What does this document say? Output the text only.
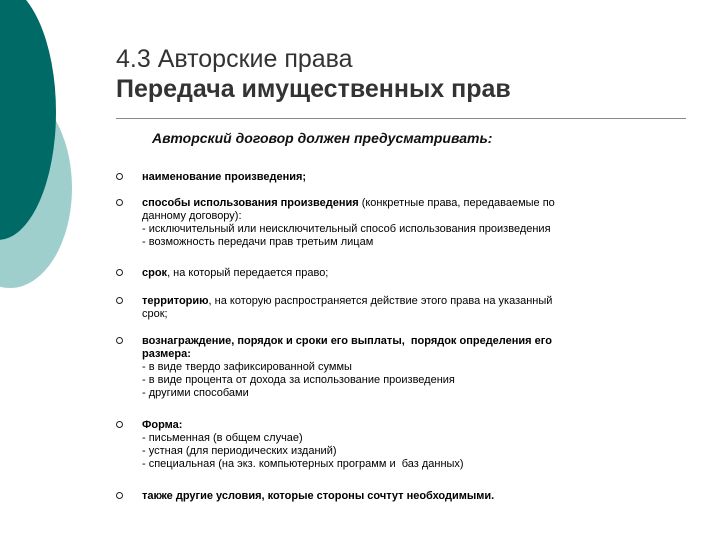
4.3 Авторские права
Передача имущественных прав
Авторский договор должен предусматривать:
наименование произведения;
способы использования произведения (конкретные права, передаваемые по
данному договору):
- исключительный или неисключительный способ использования произведения
- возможность передачи прав третьим лицам
срок, на который передается право;
территорию, на которую распространяется действие этого права на указанный
срок;
вознаграждение, порядок и сроки его выплаты,  порядок определения его
размера:
- в виде твердо зафиксированной суммы
- в виде процента от дохода за использование произведения
- другими способами
Форма:
- письменная (в общем случае)
- устная (для периодических изданий)
- специальная (на экз. компьютерных программ и  баз данных)
также другие условия, которые стороны сочтут необходимыми.
